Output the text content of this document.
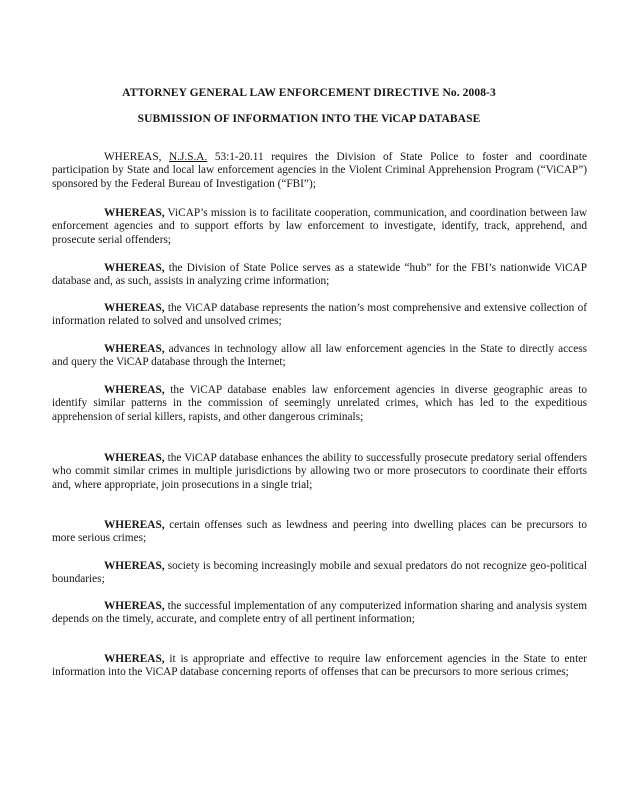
ATTORNEY GENERAL LAW ENFORCEMENT DIRECTIVE No. 2008-3
SUBMISSION OF INFORMATION INTO THE ViCAP DATABASE

WHEREAS, N.J.S.A. 53:1-20.11 requires the Division of State Police to foster and coordinate participation by State and local law enforcement agencies in the Violent Criminal Apprehension Program (“ViCAP”) sponsored by the Federal Bureau of Investigation (“FBI”);

WHEREAS, ViCAP’s mission is to facilitate cooperation, communication, and coordination between law enforcement agencies and to support efforts by law enforcement to investigate, identify, track, apprehend, and prosecute serial offenders;

WHEREAS, the Division of State Police serves as a statewide “hub” for the FBI’s nationwide ViCAP database and, as such, assists in analyzing crime information;

WHEREAS, the ViCAP database represents the nation’s most comprehensive and extensive collection of information related to solved and unsolved crimes;

WHEREAS, advances in technology allow all law enforcement agencies in the State to directly access and query the ViCAP database through the Internet;

WHEREAS, the ViCAP database enables law enforcement agencies in diverse geographic areas to identify similar patterns in the commission of seemingly unrelated crimes, which has led to the expeditious apprehension of serial killers, rapists, and other dangerous criminals;

WHEREAS, the ViCAP database enhances the ability to successfully prosecute predatory serial offenders who commit similar crimes in multiple jurisdictions by allowing two or more prosecutors to coordinate their efforts and, where appropriate, join prosecutions in a single trial;

WHEREAS, certain offenses such as lewdness and peering into dwelling places can be precursors to more serious crimes;

WHEREAS, society is becoming increasingly mobile and sexual predators do not recognize geo-political boundaries;

WHEREAS, the successful implementation of any computerized information sharing and analysis system depends on the timely, accurate, and complete entry of all pertinent information;

WHEREAS, it is appropriate and effective to require law enforcement agencies in the State to enter information into the ViCAP database concerning reports of offenses that can be precursors to more serious crimes;
